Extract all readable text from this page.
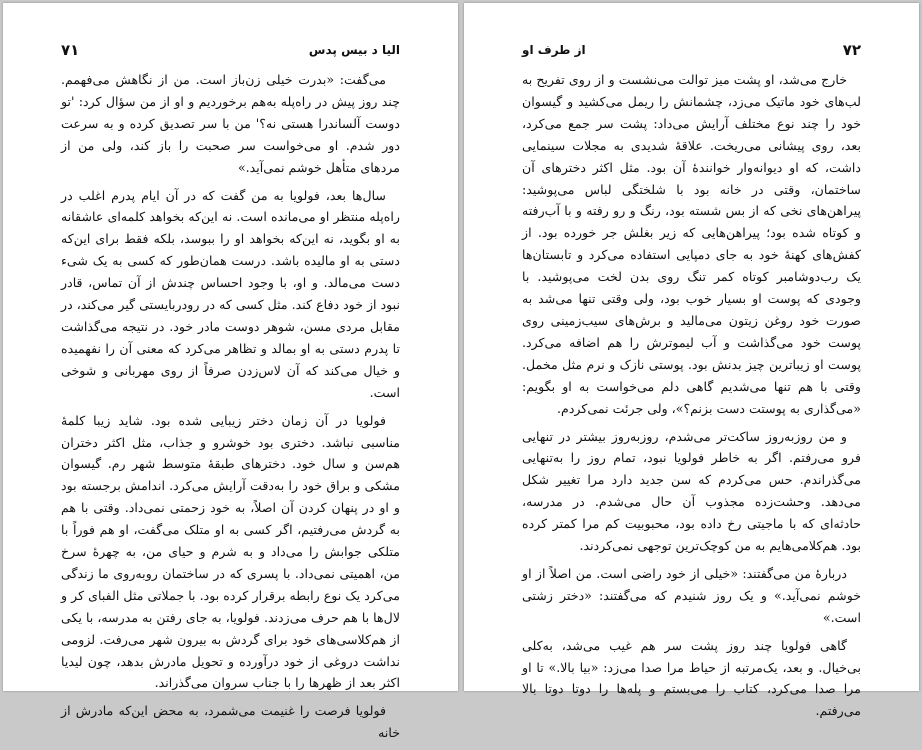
الیا د بیس پدس
۷۱

می‌گفت: «بدرت خیلی زن‌باز است. من از نگاهش می‌فهمم. چند روز پیش در راه‌پله به‌هم برخوردیم و او از من سؤال کرد: 'تو دوست آلساندرا هستی نه؟' من با سر تصدیق کرده و به سرعت دور شدم. او می‌خواست سر صحبت را باز کند، ولی من از مردهای متأهل خوشم نمی‌آید.»

سال‌ها بعد، فولویا به من گفت که در آن ایام پدرم اغلب در راه‌پله منتظر او می‌مانده است. نه این‌که بخواهد کلمه‌ای عاشقانه به او بگوید، نه این‌که بخواهد او را ببوسد، بلکه فقط برای این‌که دستی به او مالیده باشد. درست همان‌طور که کسی به یک شیء دست می‌مالد. و او، با وجود احساس چندش از آن تماس، قادر نبود از خود دفاع کند. مثل کسی که در رودربایستی گیر می‌کند، در مقابل مردی مسن، شوهر دوست مادر خود. در نتیجه می‌گذاشت تا پدرم دستی به او بمالد و تظاهر می‌کرد که معنی آن را نفهمیده و خیال می‌کند که آن لاس‌زدن صرفاً از روی مهربانی و شوخی است.

فولویا در آن زمان دختر زیبایی شده بود. شاید زیبا کلمهٔ مناسبی نباشد. دختری بود خوشرو و جذاب، مثل اکثر دختران هم‌سن و سال خود. دخترهای طبقهٔ متوسط شهر رم. گیسوان مشکی و براق خود را به‌دقت آرایش می‌کرد. اندامش برجسته بود و او در پنهان کردن آن اصلاً، به خود زحمتی نمی‌داد. وقتی با هم به گردش می‌رفتیم، اگر کسی به او متلک می‌گفت، او هم فوراً با متلکی جوابش را می‌داد و به شرم و حیای من، به چهرهٔ سرخ من، اهمیتی نمی‌داد. با پسری که در ساختمان روبه‌روی ما زندگی می‌کرد یک نوع رابطه برقرار کرده بود. با جملاتی مثل الفبای کر و لال‌ها با هم حرف می‌زدند. فولویا، به جای رفتن به مدرسه، با یکی از هم‌کلاسی‌های خود برای گردش به بیرون شهر می‌رفت. لزومی نداشت دروغی از خود درآورده و تحویل مادرش بدهد، چون لیدیا اکثر بعد از ظهرها را با جناب سروان می‌گذراند.

فولویا فرصت را غنیمت می‌شمرد، به محض این‌که مادرش از خانه

۷۲
از طرف او

خارج می‌شد، او پشت میز توالت می‌نشست و از روی تفریح به لب‌های خود ماتیک می‌زد، چشمانش را ریمل می‌کشید و گیسوان خود را چند نوع مختلف آرایش می‌داد: پشت سر جمع می‌کرد، بعد، روی پیشانی می‌ریخت. علاقهٔ شدیدی به مجلات سینمایی داشت، که او دیوانه‌وار خواننده‌ٔ آن بود. مثل اکثر دخترهای آن ساختمان، وقتی در خانه بود با شلختگی لباس می‌پوشید: پیراهن‌های نخی که از بس شسته بود، رنگ و رو رفته و با آب‌رفته و کوتاه شده بود؛ پیراهن‌هایی که زیر بغلش جر خورده بود. از کفش‌های کهنهٔ خود به جای دمپایی استفاده می‌کرد و تابستان‌ها یک رب‌دوشامبر کوتاه کمر تنگ روی بدن لخت می‌پوشید. با وجودی که پوست او بسیار خوب بود، ولی وقتی تنها می‌شد به صورت خود روغن زیتون می‌مالید و برش‌های سیب‌زمینی روی پوست خود می‌گذاشت و آب لیموترش را هم اضافه می‌کرد. پوست او زیباترین چیز بدنش بود. پوستی نازک و نرم مثل مخمل. وقتی با هم تنها می‌شدیم گاهی دلم می‌خواست به او بگویم: «می‌گذاری به پوستت دست بزنم؟»، ولی جرئت نمی‌کردم.

و من روزبه‌روز ساکت‌تر می‌شدم، روزبه‌روز بیشتر در تنهایی فرو می‌رفتم. اگر به خاطر فولویا نبود، تمام روز را به‌تنهایی می‌گذراندم. حس می‌کردم که سن جدید دارد مرا تغییر شکل می‌دهد. وحشت‌زده مجذوب آن حال می‌شدم. در مدرسه، حادثه‌ای که با ماجیتی رخ داده بود، محبوبیت کم مرا کمتر کرده بود. هم‌کلامی‌هایم به من کوچک‌ترین توجهی نمی‌کردند.

دربارهٔ من می‌گفتند: «خیلی از خود راضی است. من اصلاً از او خوشم نمی‌آید.» و یک روز شنیدم که می‌گفتند: «دختر زشتی است.»

گاهی فولویا چند روز پشت سر هم غیب می‌شد، به‌کلی بی‌خیال. و بعد، یک‌مرتبه از حیاط مرا صدا می‌زد: «بیا بالا.» تا او مرا صدا می‌کرد، کتاب را می‌بستم و پله‌ها را دوتا دوتا بالا می‌رفتم.
